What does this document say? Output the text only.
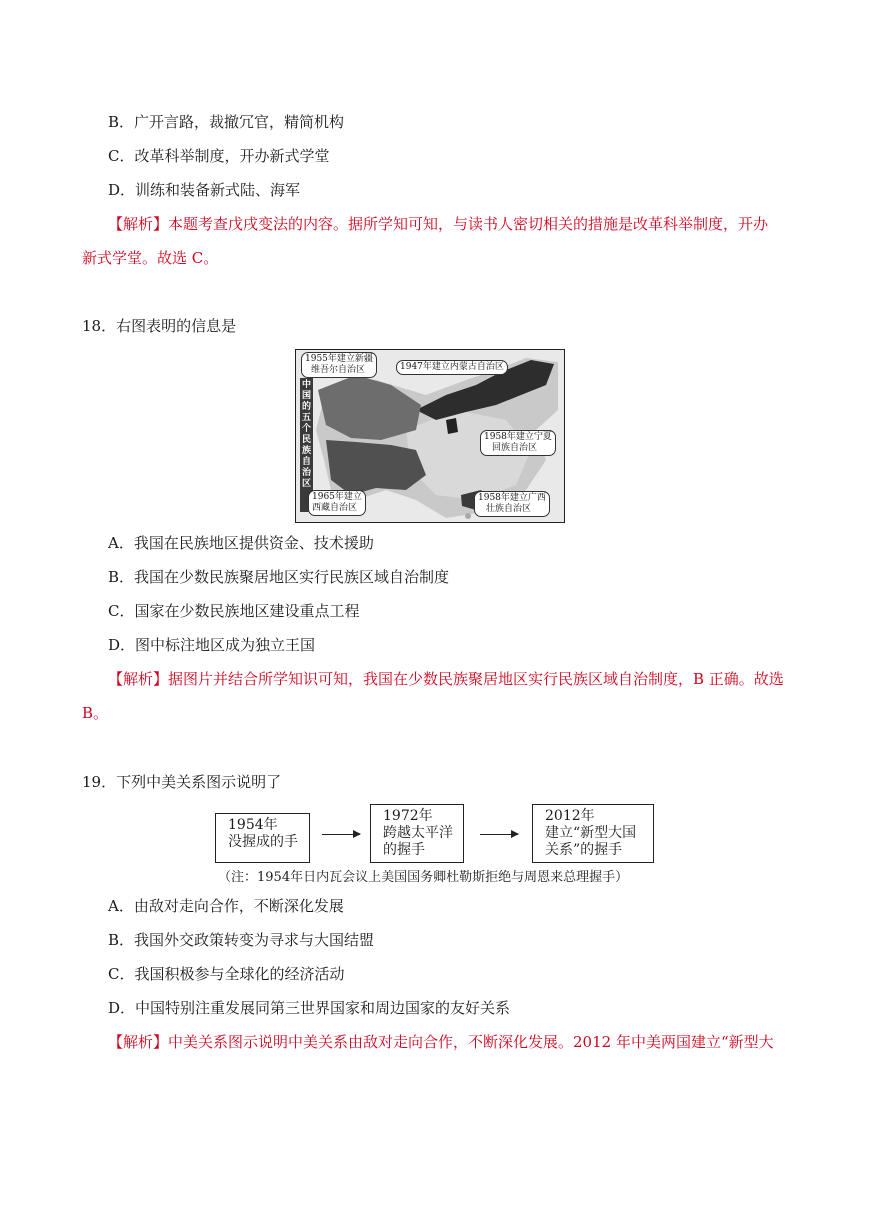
B．广开言路，裁撤冗官，精简机构
C．改革科举制度，开办新式学堂
D．训练和装备新式陆、海军
【解析】本题考查戊戌变法的内容。据所学知可知，与读书人密切相关的措施是改革科举制度，开办
新式学堂。故选 C。
18．右图表明的信息是
中国的五个民族自治区
1955年建立新疆
维吾尔自治区	1947年建立内蒙古自治区
1958年建立宁夏
回族自治区
1965年建立
西藏自治区
1958年建立广西
壮族自治区
A．我国在民族地区提供资金、技术援助
B．我国在少数民族聚居地区实行民族区域自治制度
C．国家在少数民族地区建设重点工程
D．图中标注地区成为独立王国
【解析】据图片并结合所学知识可知，我国在少数民族聚居地区实行民族区域自治制度，B 正确。故选
B。
19．下列中美关系图示说明了
1954年
没握成的手
1972年
跨越太平洋
的握手
2012年
建立“新型大国
关系”的握手
（注：1954年日内瓦会议上美国国务卿杜勒斯拒绝与周恩来总理握手）
A．由敌对走向合作，不断深化发展
B．我国外交政策转变为寻求与大国结盟
C．我国积极参与全球化的经济活动
D．中国特别注重发展同第三世界国家和周边国家的友好关系
【解析】中美关系图示说明中美关系由敌对走向合作，不断深化发展。2012 年中美两国建立“新型大
